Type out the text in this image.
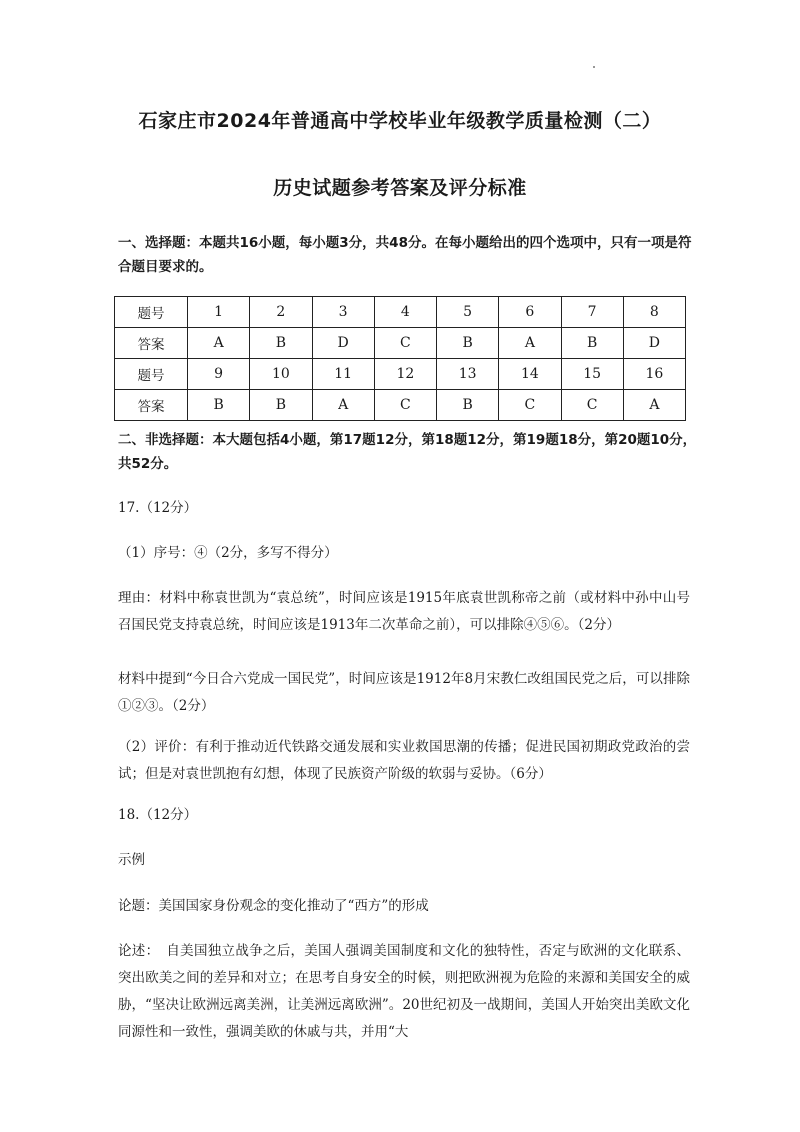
石家庄市2024年普通高中学校毕业年级教学质量检测（二）
历史试题参考答案及评分标准
一、选择题：本题共16小题，每小题3分，共48分。在每小题给出的四个选项中，只有一项是符合题目要求的。
题号	1	2	3	4	5	6	7	8
答案	A	B	D	C	B	A	B	D
题号	9	10	11	12	13	14	15	16
答案	B	B	A	C	B	C	C	A
二、非选择题：本大题包括4小题，第17题12分，第18题12分，第19题18分，第20题10分，共52分。
17.（12分）
（1）序号：④（2分，多写不得分）
理由：材料中称袁世凯为“袁总统”，时间应该是1915年底袁世凯称帝之前（或材料中孙中山号召国民党支持袁总统，时间应该是1913年二次革命之前），可以排除④⑤⑥。（2分）
材料中提到“今日合六党成一国民党”，时间应该是1912年8月宋教仁改组国民党之后，可以排除①②③。（2分）
（2）评价：有利于推动近代铁路交通发展和实业救国思潮的传播；促进民国初期政党政治的尝试；但是对袁世凯抱有幻想，体现了民族资产阶级的软弱与妥协。（6分）
18.（12分）
示例
论题：美国国家身份观念的变化推动了“西方”的形成
论述：　自美国独立战争之后，美国人强调美国制度和文化的独特性，否定与欧洲的文化联系、突出欧美之间的差异和对立；在思考自身安全的时候，则把欧洲视为危险的来源和美国安全的威胁，“坚决让欧洲远离美洲，让美洲远离欧洲”。20世纪初及一战期间，美国人开始突出美欧文化同源性和一致性，强调美欧的休戚与共，并用“大
